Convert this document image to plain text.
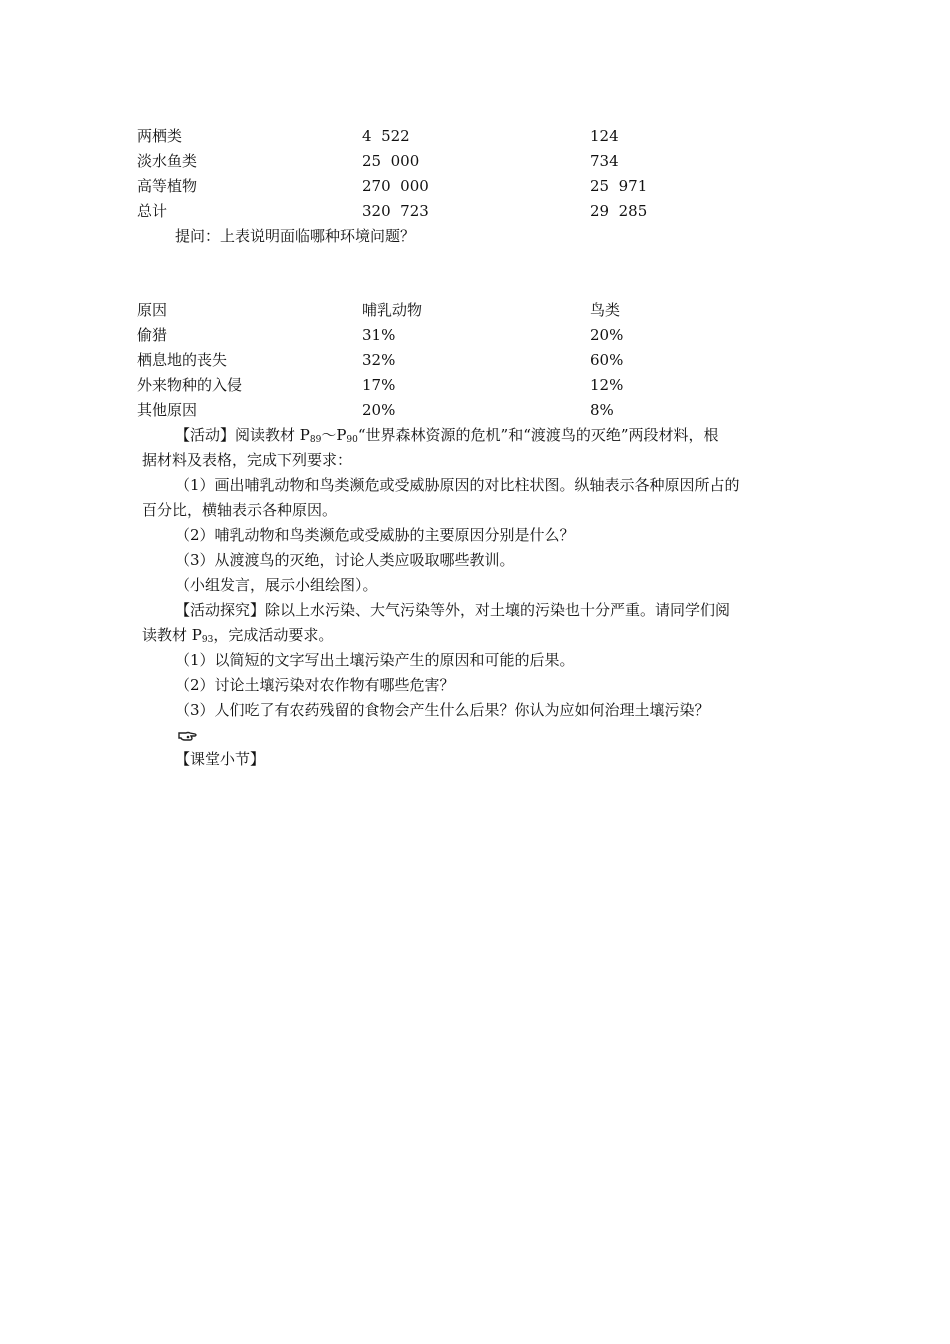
两栖类	4  522	124
淡水鱼类	25  000	734
高等植物	270  000	25  971
总计	320  723	29  285
提问：上表说明面临哪种环境问题？
原因	哺乳动物	鸟类
偷猎	31%	20%
栖息地的丧失	32%	60%
外来物种的入侵	17%	12%
其他原因	20%	8%
【活动】阅读教材 $P_{89}\sim P_{90}“$世界森林资源的危机”和“渡渡鸟的灭绝”两段材料，根
据材料及表格，完成下列要求：
（1）画出哺乳动物和鸟类濒危或受威胁原因的对比柱状图。纵轴表示各种原因所占的
百分比，横轴表示各种原因。
（2）哺乳动物和鸟类濒危或受威胁的主要原因分别是什么？
（3）从渡渡鸟的灭绝，讨论人类应吸取哪些教训。
（小组发言，展示小组绘图）。
【活动探究】除以上水污染、大气污染等外，对土壤的污染也十分严重。请同学们阅
读教材 $P_{93}$，完成活动要求。
（1）以简短的文字写出土壤污染产生的原因和可能的后果。
（2）讨论土壤污染对农作物有哪些危害？
（3）人们吃了有农药残留的食物会产生什么后果？你认为应如何治理土壤污染？
【课堂小节】
